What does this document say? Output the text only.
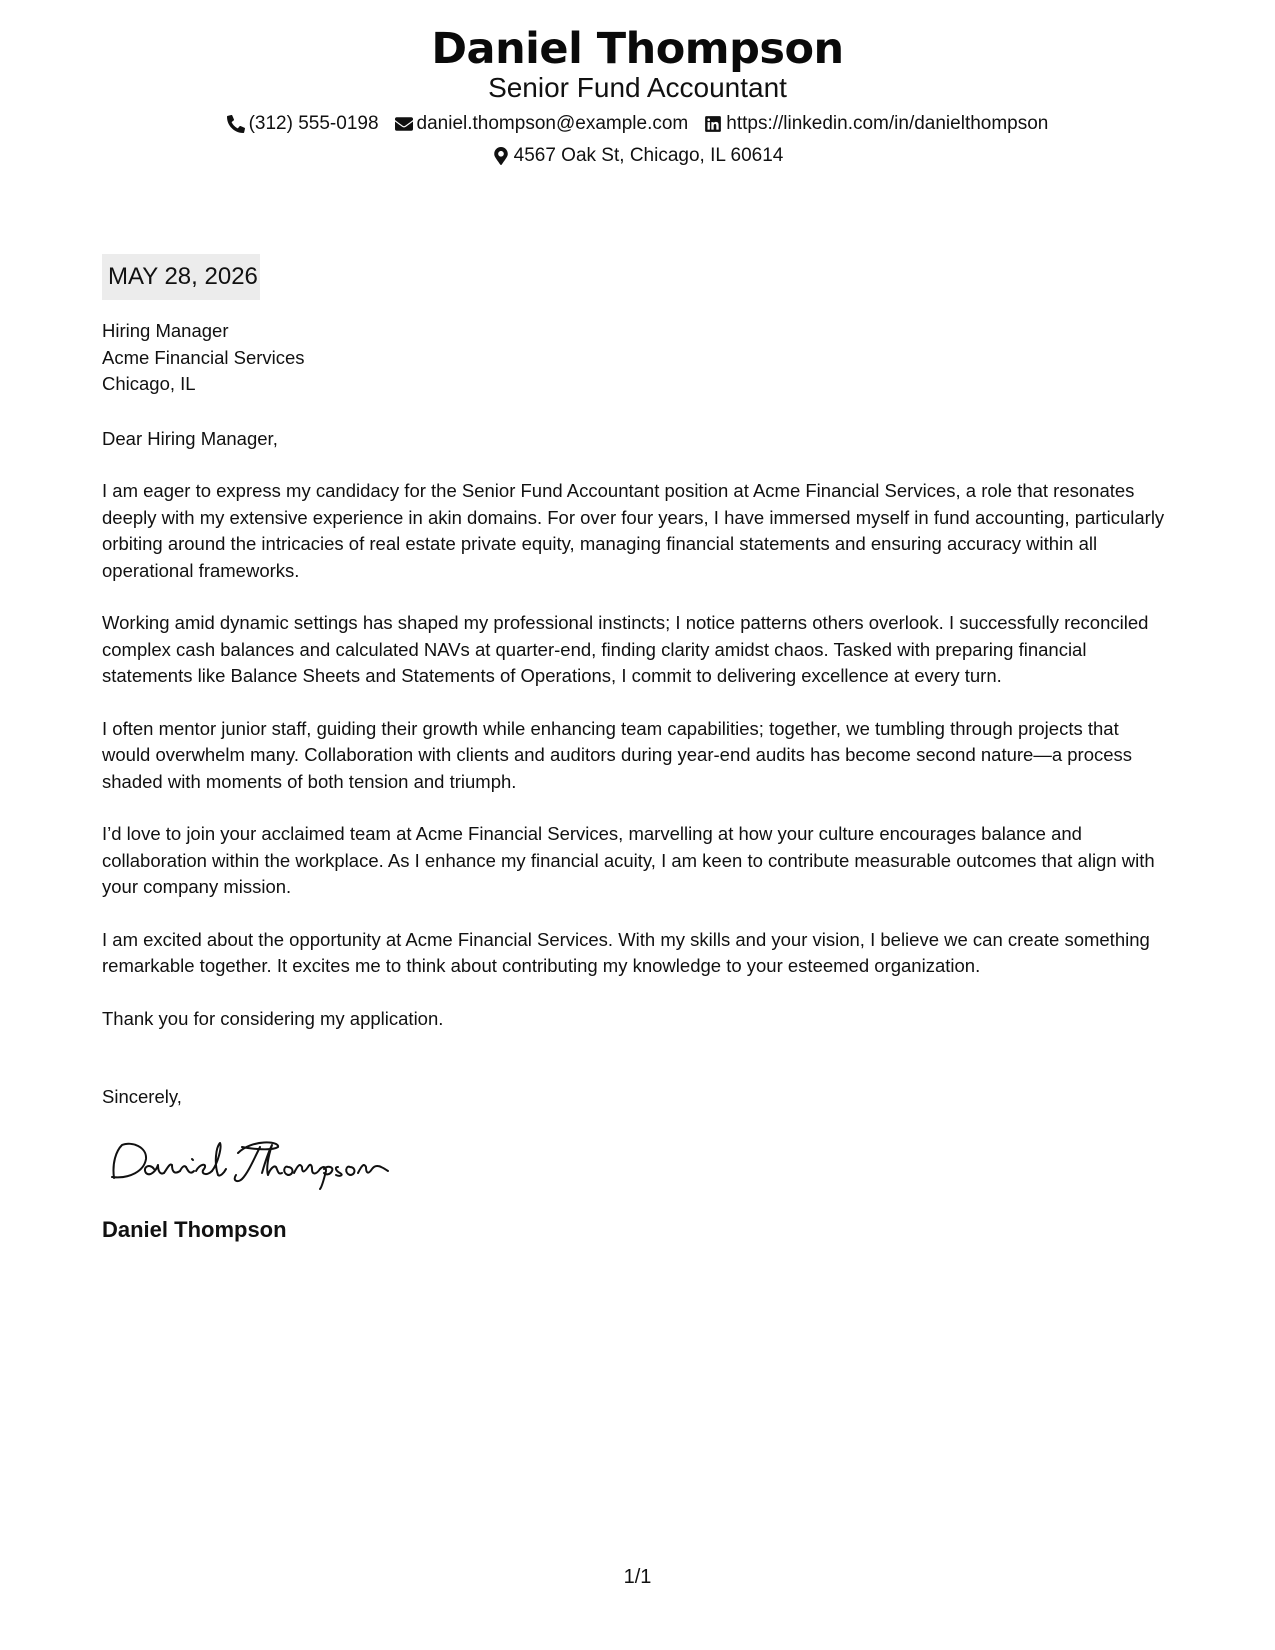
Daniel Thompson
Senior Fund Accountant
(312) 555-0198 daniel.thompson@example.com https://linkedin.com/in/danielthompson
4567 Oak St, Chicago, IL 60614
MAY 28, 2026
Hiring Manager
Acme Financial Services
Chicago, IL
Dear Hiring Manager,
I am eager to express my candidacy for the Senior Fund Accountant position at Acme Financial Services, a role that resonates deeply with my extensive experience in akin domains. For over four years, I have immersed myself in fund accounting, particularly orbiting around the intricacies of real estate private equity, managing financial statements and ensuring accuracy within all operational frameworks.
Working amid dynamic settings has shaped my professional instincts; I notice patterns others overlook. I successfully reconciled complex cash balances and calculated NAVs at quarter-end, finding clarity amidst chaos. Tasked with preparing financial statements like Balance Sheets and Statements of Operations, I commit to delivering excellence at every turn.
I often mentor junior staff, guiding their growth while enhancing team capabilities; together, we tumbling through projects that would overwhelm many. Collaboration with clients and auditors during year-end audits has become second nature—a process shaded with moments of both tension and triumph.
I’d love to join your acclaimed team at Acme Financial Services, marvelling at how your culture encourages balance and collaboration within the workplace. As I enhance my financial acuity, I am keen to contribute measurable outcomes that align with your company mission.
I am excited about the opportunity at Acme Financial Services. With my skills and your vision, I believe we can create something remarkable together. It excites me to think about contributing my knowledge to your esteemed organization.
Thank you for considering my application.
Sincerely,
Daniel Thompson
1/1
